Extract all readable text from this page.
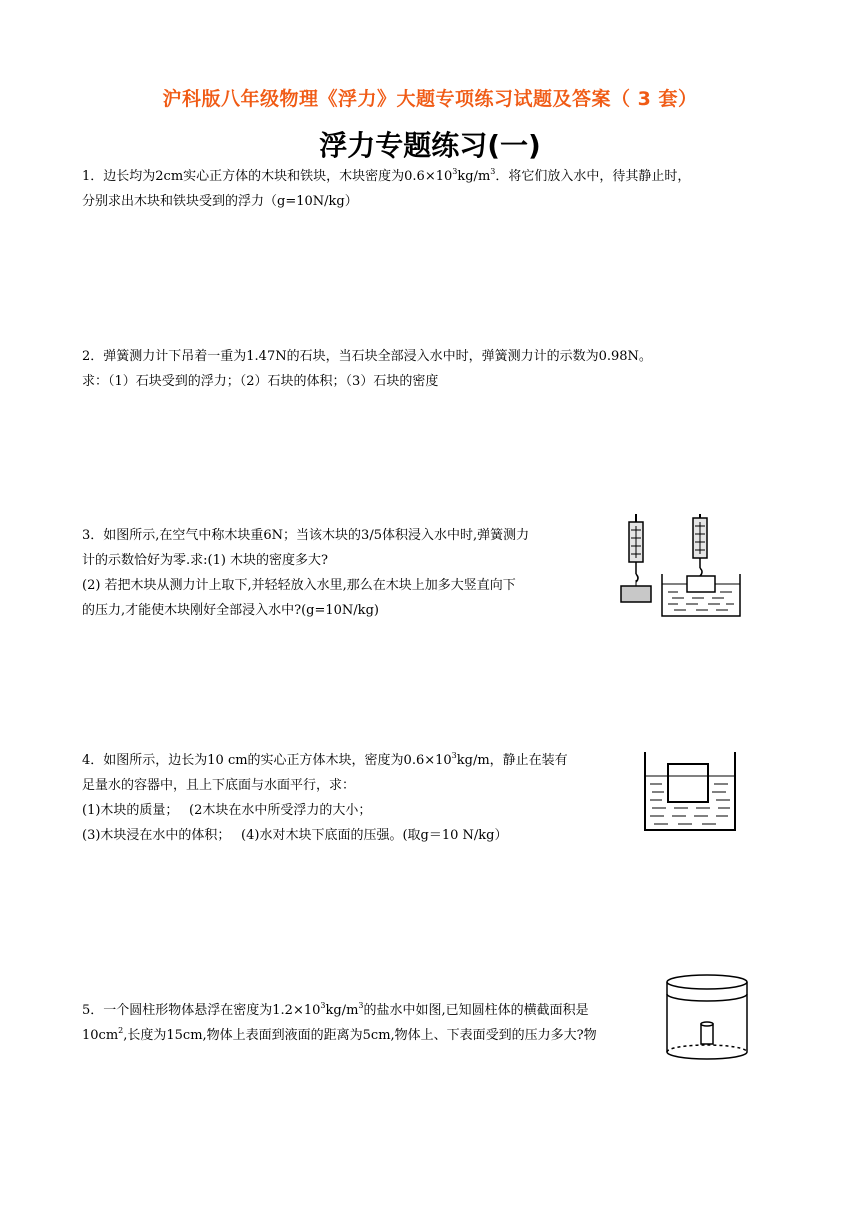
沪科版八年级物理《浮力》大题专项练习试题及答案（ 3 套）
浮力专题练习(一)

1．边长均为2cm实心正方体的木块和铁块，木块密度为$0.6\times 10^3kg/m^3$．将它们放入水中，待其静止时，

分别求出木块和铁块受到的浮力（g=10N/kg）

2．弹簧测力计下吊着一重为1.47N的石块，当石块全部浸入水中时，弹簧测力计的示数为0.98N。

求：（1）石块受到的浮力；（2）石块的体积；（3）石块的密度

3．如图所示,在空气中称木块重6N；当该木块的3/5体积浸入水中时,弹簧测力

计的示数恰好为零.求:(1) 木块的密度多大?

(2) 若把木块从测力计上取下,并轻轻放入水里,那么在木块上加多大竖直向下

的压力,才能使木块刚好全部浸入水中?(g=10N/kg)

4．如图所示，边长为10 cm的实心正方体木块，密度为$0.6\times 10^3kg/m$，静止在装有

足量水的容器中，且上下底面与水面平行，求：

(1)木块的质量；　 (2木块在水中所受浮力的大小；

(3)木块浸在水中的体积；　 (4)水对木块下底面的压强。(取g＝10 N/kg）

5．一个圆柱形物体悬浮在密度为$1.2\times 10^3kg/m^3$的盐水中如图,已知圆柱体的横截面积是

$10cm^2$,长度为15cm,物体上表面到液面的距离为5cm,物体上、下表面受到的压力多大?物
